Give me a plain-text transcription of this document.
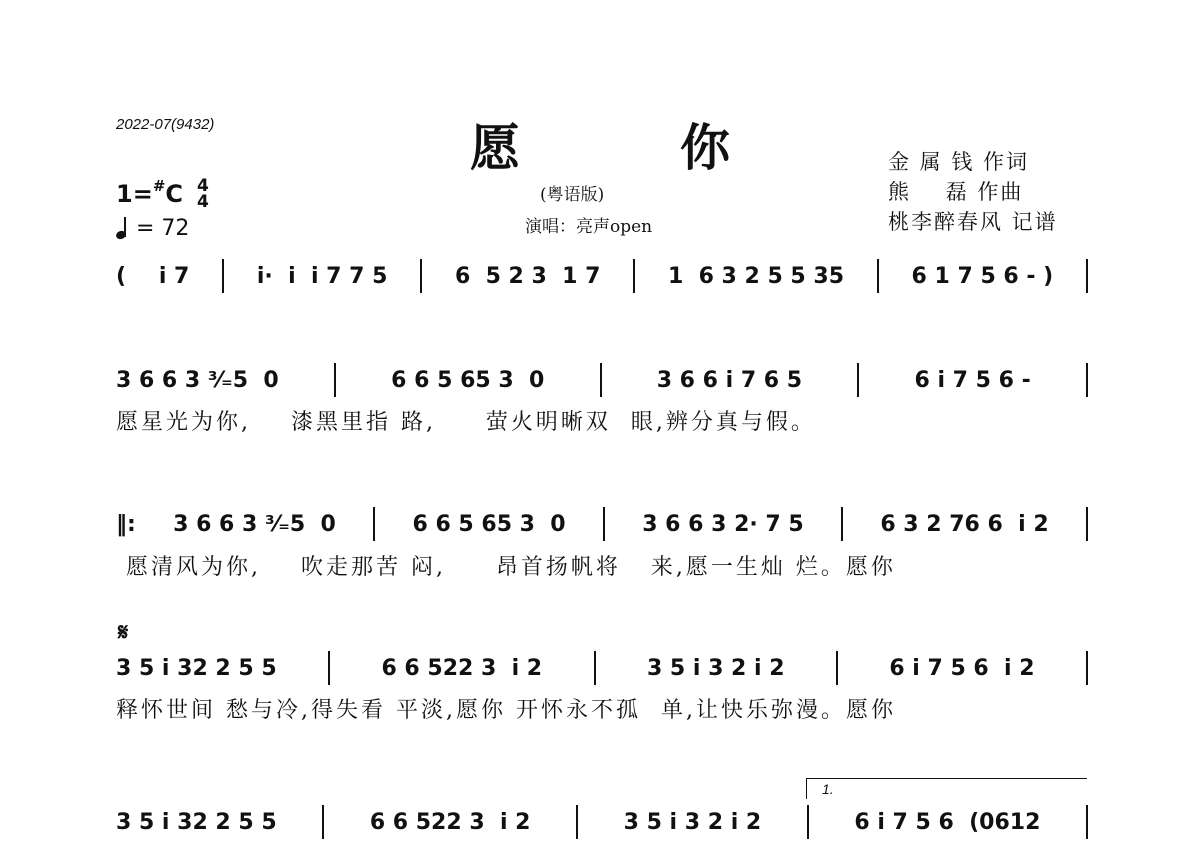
2022-07(9432)	愿	你
(粤语版)
演唱：亮声open
金 属 钱 作词
熊    磊 作曲
桃李醉春风 记谱
1 = # C 4
4
= 72
( i 7	i·  i  i 7 7 5	6  5 2 3  1 7	1  6 3 2 5 5 35	6 1 7 5 6 - )
3 6 6 3 ³⁄₌5  0	6 6 5 65 3  0	3 6 6 i 7 6 5	6 i 7 5 6 -
愿星光为你,    漆黑里指 路,     萤火明晰双  眼,辨分真与假。
‖: 3 6 6 3 ³⁄₌5  0	6 6 5 65 3  0	3 6 6 3 2· 7 5	6 3 2 76 6  i 2
愿清风为你,    吹走那苦 闷,     昂首扬帆将   来,愿一生灿 烂。愿你
𝄋
3 5 i 32 2 5 5	6 6 522 3  i 2	3 5 i 3 2 i 2	6 i 7 5 6  i 2
释怀世间 愁与冷,得失看 平淡,愿你 开怀永不孤  单,让快乐弥漫。愿你
1.
3 5 i 32 2 5 5	6 6 522 3  i 2	3 5 i 3 2 i 2	6 i 7 5 6  (0612
